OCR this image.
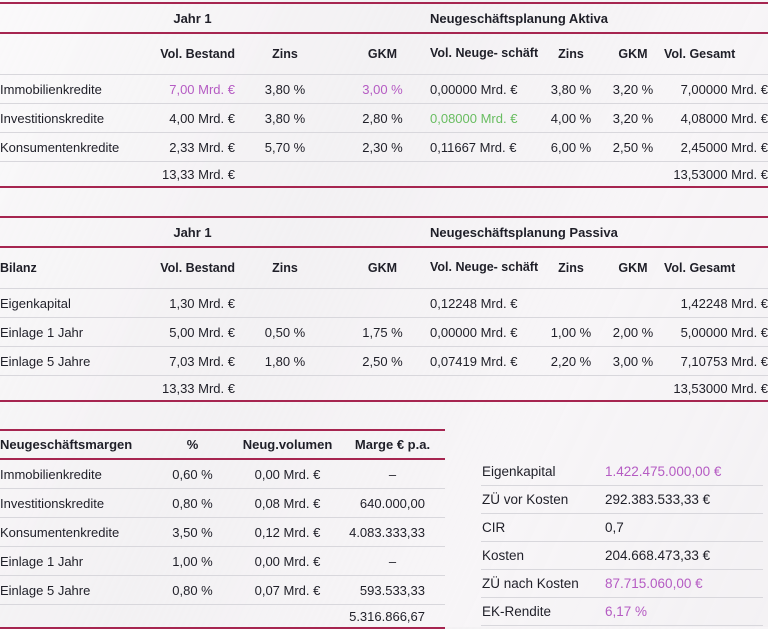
	Jahr 1			Neugeschäftsplanung Aktiva			
	Vol. Bestand	Zins	GKM	Vol. Neuge- schäft	Zins	GKM	Vol. Gesamt
Immobilienkredite	7,00 Mrd. €	3,80 %	3,00 %	0,00000 Mrd. €	3,80 %	3,20 %	7,00000 Mrd. €
Investitionskredite	4,00 Mrd. €	3,80 %	2,80 %	0,08000 Mrd. €	4,00 %	3,20 %	4,08000 Mrd. €
Konsumentenkredite	2,33 Mrd. €	5,70 %	2,30 %	0,11667 Mrd. €	6,00 %	2,50 %	2,45000 Mrd. €
	13,33 Mrd. €						13,53000 Mrd. €
	Jahr 1			Neugeschäftsplanung Passiva			
Bilanz	Vol. Bestand	Zins	GKM	Vol. Neuge- schäft	Zins	GKM	Vol. Gesamt
Eigenkapital	1,30 Mrd. €			0,12248 Mrd. €			1,42248 Mrd. €
Einlage 1 Jahr	5,00 Mrd. €	0,50 %	1,75 %	0,00000 Mrd. €	1,00 %	2,00 %	5,00000 Mrd. €
Einlage 5 Jahre	7,03 Mrd. €	1,80 %	2,50 %	0,07419 Mrd. €	2,20 %	3,00 %	7,10753 Mrd. €
	13,33 Mrd. €						13,53000 Mrd. €
Neugeschäftsmargen	%	Neug.volumen	Marge € p.a.
Immobilienkredite	0,60 %	0,00 Mrd. €	–
Investitionskredite	0,80 %	0,08 Mrd. €	640.000,00
Konsumentenkredite	3,50 %	0,12 Mrd. €	4.083.333,33
Einlage 1 Jahr	1,00 %	0,00 Mrd. €	–
Einlage 5 Jahre	0,80 %	0,07 Mrd. €	593.533,33
			5.316.866,67
Eigenkapital	1.422.475.000,00 €
ZÜ vor Kosten	292.383.533,33 €
CIR	0,7
Kosten	204.668.473,33 €
ZÜ nach Kosten	87.715.060,00 €
EK-Rendite	6,17 %
